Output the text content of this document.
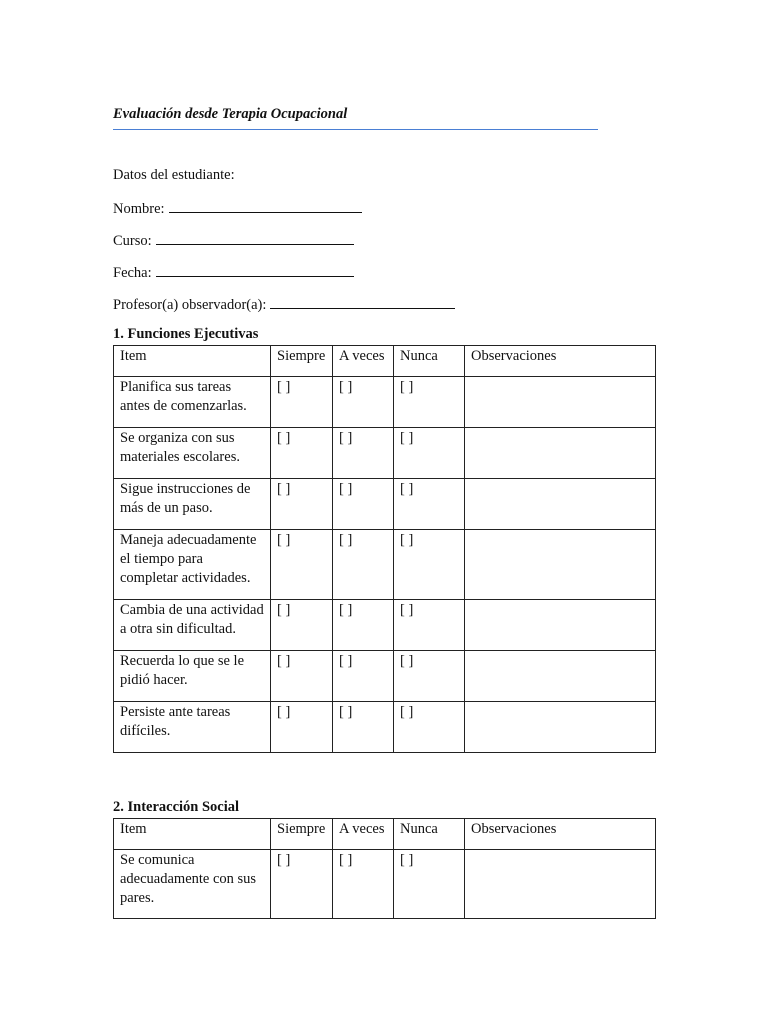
Evaluación desde Terapia Ocupacional
Datos del estudiante:
Nombre:
Curso:
Fecha:
Profesor(a) observador(a):
1. Funciones Ejecutivas
Item	Siempre	A veces	Nunca	Observaciones
Planifica sus tareas antes de comenzarlas.	[ ]	[ ]	[ ]	
Se organiza con sus materiales escolares.	[ ]	[ ]	[ ]	
Sigue instrucciones de más de un paso.	[ ]	[ ]	[ ]	
Maneja adecuadamente el tiempo para completar actividades.	[ ]	[ ]	[ ]	
Cambia de una actividad a otra sin dificultad.	[ ]	[ ]	[ ]	
Recuerda lo que se le pidió hacer.	[ ]	[ ]	[ ]	
Persiste ante tareas difíciles.	[ ]	[ ]	[ ]	
2. Interacción Social
Item	Siempre	A veces	Nunca	Observaciones
Se comunica adecuadamente con sus pares.	[ ]	[ ]	[ ]	
